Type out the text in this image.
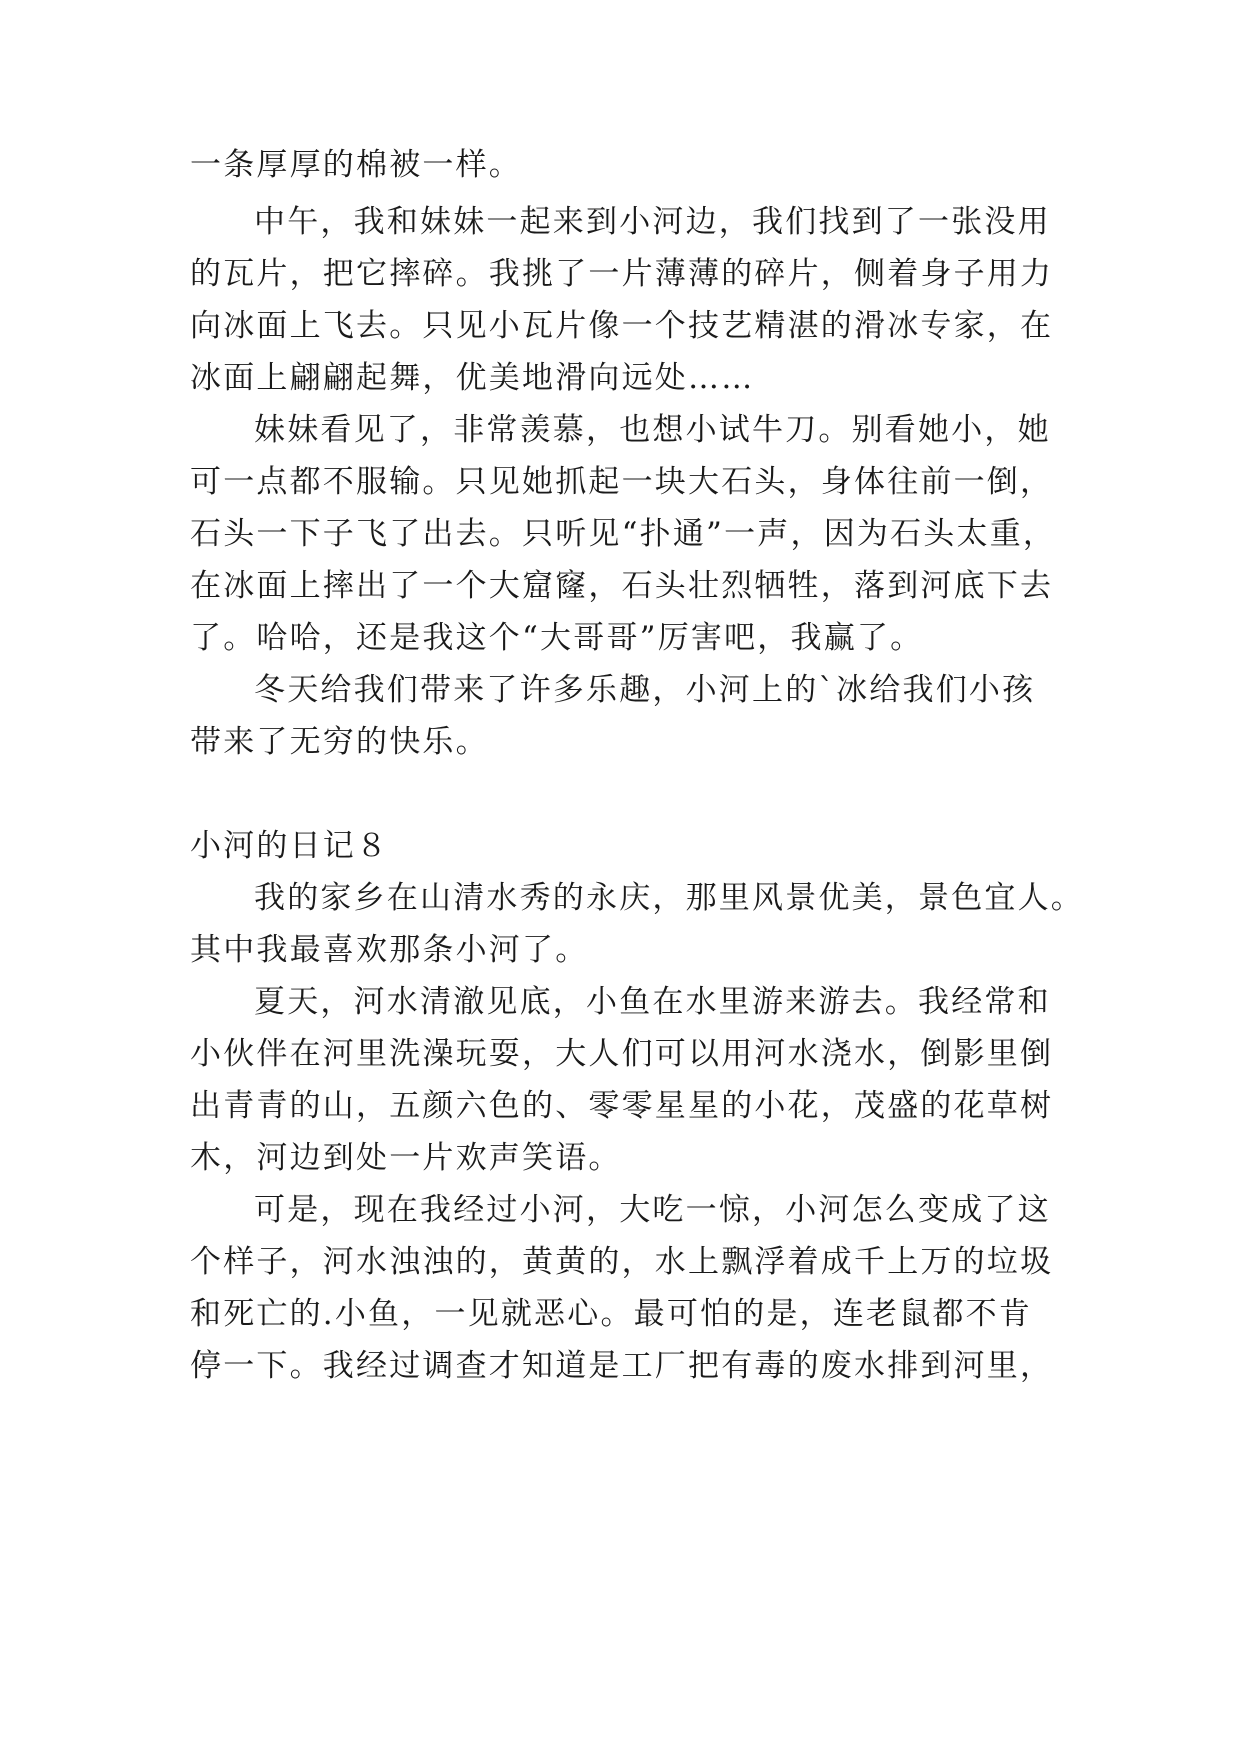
一条厚厚的棉被一样。
中午，我和妹妹一起来到小河边，我们找到了一张没用
的瓦片，把它摔碎。我挑了一片薄薄的碎片，侧着身子用力
向冰面上飞去。只见小瓦片像一个技艺精湛的滑冰专家，在
冰面上翩翩起舞，优美地滑向远处……
妹妹看见了，非常羡慕，也想小试牛刀。别看她小，她
可一点都不服输。只见她抓起一块大石头，身体往前一倒，
石头一下子飞了出去。只听见“扑通”一声，因为石头太重，
在冰面上摔出了一个大窟窿，石头壮烈牺牲，落到河底下去
了。哈哈，还是我这个“大哥哥”厉害吧，我赢了。
冬天给我们带来了许多乐趣，小河上的`冰给我们小孩
带来了无穷的快乐。
小河的日记８
我的家乡在山清水秀的永庆，那里风景优美，景色宜人。
其中我最喜欢那条小河了。
夏天，河水清澈见底，小鱼在水里游来游去。我经常和
小伙伴在河里洗澡玩耍，大人们可以用河水浇水，倒影里倒
出青青的山，五颜六色的、零零星星的小花，茂盛的花草树
木，河边到处一片欢声笑语。
可是，现在我经过小河，大吃一惊，小河怎么变成了这
个样子，河水浊浊的，黄黄的，水上飘浮着成千上万的垃圾
和死亡的.小鱼，一见就恶心。最可怕的是，连老鼠都不肯
停一下。我经过调查才知道是工厂把有毒的废水排到河里，
